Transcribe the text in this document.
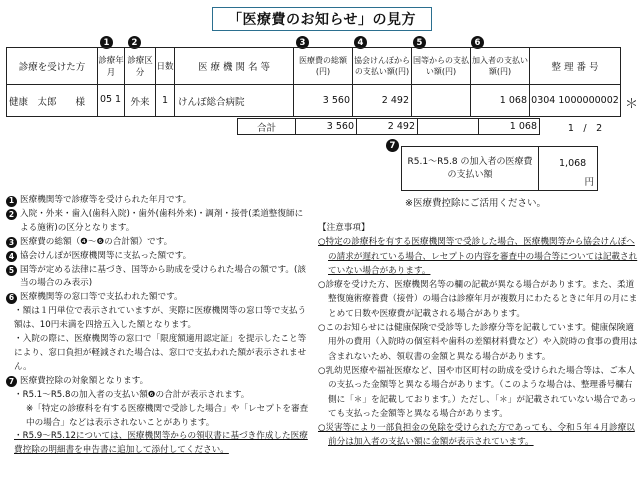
「医療費のお知らせ」の見方
1	2	3	4	5	6
7
診療を受けた方	診療年月	診療区分	日数	医 療 機 関 名 等	医療費の総額(円)	協会けんぽからの支払い額(円)	国等からの支払い額(円)	加入者の支払い額(円)	整 理 番 号
健康　太郎　　様	05 1	外来	1	けんぽ総合病院	3 560	2 492		1 068	0304 1000000002 ＊
合計	3 560	2 492		1 068	1　/　2
R5.1～R5.8 の加入者の医療費の支払い額	
1,068
円
※医療費控除にご活用ください。
1 医療機関等で診療等を受けられた年月です。
2 入院・外来・歯入(歯科入院)・歯外(歯科外来)・調剤・接骨(柔道整復師による施術)の区分となります。
3 医療費の総額（❹～❻の合計額）です。
4 協会けんぽが医療機関等に支払った額です。
5 国等が定める法律に基づき、国等から助成を受けられた場合の額です。(該当の場合のみ表示)
6 医療機関等の窓口等で支払われた額です。
・額は１円単位で表示されていますが、実際に医療機関等の窓口等で支払う額は、10円未満を四捨五入した額となります。
・入院の際に、医療機関等の窓口で「限度額適用認定証」を提示したこと等により、窓口負担が軽減された場合は、窓口で支払われた額が表示されません。
7 医療費控除の対象額となります。
・R5.1～R5.8の加入者の支払い額❻の合計が表示されます。
※「特定の診療科を有する医療機関で受診した場合」や「レセプトを審査中の場合」などは表示されないことがあります。
・R5.9～R5.12については、医療機関等からの領収書に基づき作成した医療費控除の明細書を申告書に追加して添付してください。
【注意事項】
○特定の診療科を有する医療機関等で受診した場合、医療機関等から協会けんぽへの請求が遅れている場合、レセプトの内容を審査中の場合等については記載されていない場合があります。
○診療を受けた方、医療機関名等の欄の記載が異なる場合があります。また、柔道整復施術療養費（接骨）の場合は診療年月が複数月にわたるときに年月の月にまとめて日数や医療費が記載される場合があります。
○このお知らせには健康保険で受診等した診療分等を記載しています。健康保険適用外の費用（入院時の個室料や歯科の差額材料費など）や入院時の食事の費用は含まれないため、領収書の金額と異なる場合があります。
○乳幼児医療や福祉医療など、国や市区町村の助成を受けられた場合等は、ご本人の支払った金額等と異なる場合があります。（このような場合は、整理番号欄右側に「＊」を記載しております。）ただし、「＊」が記載されていない場合であっても支払った金額等と異なる場合があります。
○災害等により一部負担金の免除を受けられた方であっても、令和５年４月診療以前分は加入者の支払い額に金額が表示されています。
